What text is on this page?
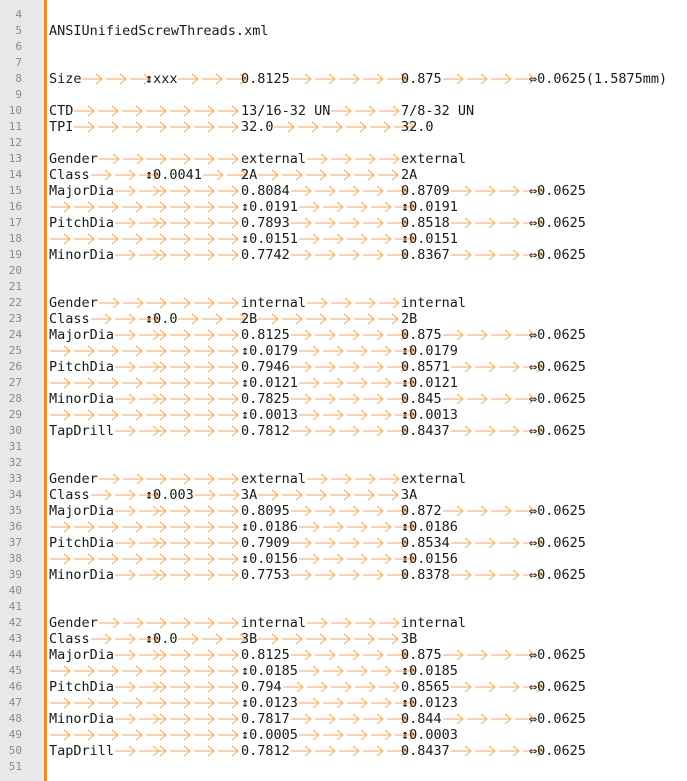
4
5 ANSIUnifiedScrewThreads.xml
6
7
8 Size	↕xxx	0.8125	0.875	⇔0.0625(1.5875mm)
9
10 CTD	13/16-32 UN	7/8-32 UN
11 TPI	32.0	32.0
12
13 Gender	external	external
14 Class	↕0.0041	2A	2A
15 MajorDia	0.8084	0.8709	⇔0.0625
16	↕0.0191	↕0.0191
17 PitchDia	0.7893	0.8518	⇔0.0625
18	↕0.0151	↕0.0151
19 MinorDia	0.7742	0.8367	⇔0.0625
20
21
22 Gender	internal	internal
23 Class	↕0.0	2B	2B
24 MajorDia	0.8125	0.875	⇔0.0625
25	↕0.0179	↕0.0179
26 PitchDia	0.7946	0.8571	⇔0.0625
27	↕0.0121	↕0.0121
28 MinorDia	0.7825	0.845	⇔0.0625
29	↕0.0013	↕0.0013
30 TapDrill	0.7812	0.8437	⇔0.0625
31
32
33 Gender	external	external
34 Class	↕0.003	3A	3A
35 MajorDia	0.8095	0.872	⇔0.0625
36	↕0.0186	↕0.0186
37 PitchDia	0.7909	0.8534	⇔0.0625
38	↕0.0156	↕0.0156
39 MinorDia	0.7753	0.8378	⇔0.0625
40
41
42 Gender	internal	internal
43 Class	↕0.0	3B	3B
44 MajorDia	0.8125	0.875	⇔0.0625
45	↕0.0185	↕0.0185
46 PitchDia	0.794	0.8565	⇔0.0625
47	↕0.0123	↕0.0123
48 MinorDia	0.7817	0.844	⇔0.0625
49	↕0.0005	↕0.0003
50 TapDrill	0.7812	0.8437	⇔0.0625
51
